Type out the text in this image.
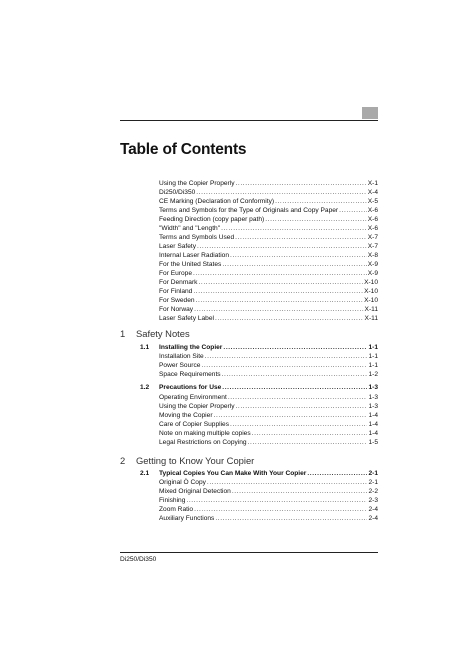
Table of Contents
Using the Copier Properly .....	X-1
Di250/Di350 .....	X-4
CE Marking (Declaration of Conformity) .....	X-5
Terms and Symbols for the Type of Originals and Copy Paper .....	X-6
Feeding Direction (copy paper path) .....	X-6
"Width" and "Length" .....	X-6
Terms and Symbols Used .....	X-7
Laser Safety .....	X-7
Internal Laser Radiation .....	X-8
For the United States .....	X-9
For Europe .....	X-9
For Denmark .....	X-10
For Finland .....	X-10
For Sweden .....	X-10
For Norway .....	X-11
Laser Safety Label .....	X-11
1 Safety Notes
1.1 Installing the Copier .....	1-1
Installation Site .....	1-1
Power Source .....	1-1
Space Requirements .....	1-2
1.2 Precautions for Use .....	1-3
Operating Environment .....	1-3
Using the Copier Properly .....	1-3
Moving the Copier .....	1-4
Care of Copier Supplies .....	1-4
Note on making multiple copies .....	1-4
Legal Restrictions on Copying .....	1-5
2 Getting to Know Your Copier
2.1 Typical Copies You Can Make With Your Copier .....	2-1
Original Ò Copy .....	2-1
Mixed Original Detection .....	2-2
Finishing .....	2-3
Zoom Ratio .....	2-4
Auxiliary Functions .....	2-4
Di250/Di350
